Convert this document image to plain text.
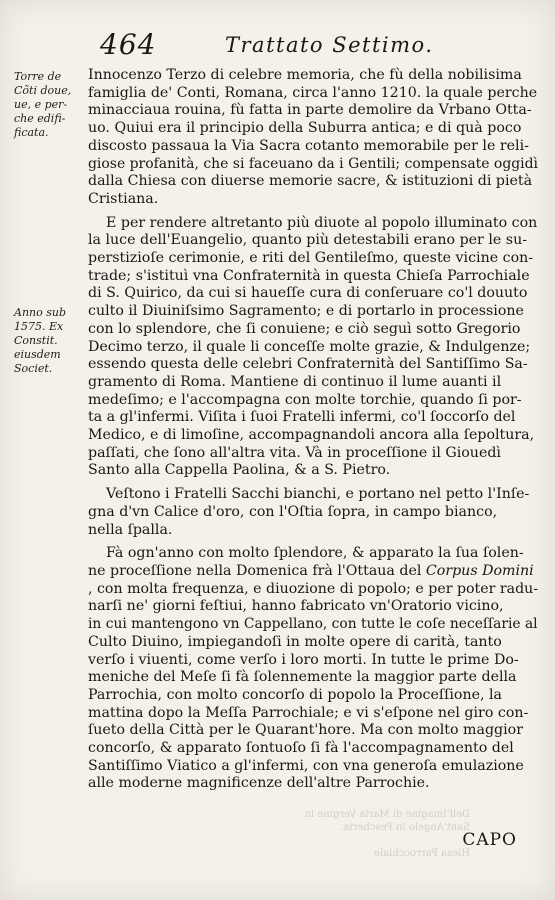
Dell'Imagine di Maria Vergine in
Sant'Angelo in Pescheria.

Hiesa Parrocchiale
464	Trattato Settimo.
Torre de
Cõti doue,
ue, e per-
che edifi-
ficata.
Anno sub
1575. Ex
Constit.
eiusdem
Societ.
Innocenzo Terzo di celebre memoria, che fù della nobilisima
famiglia de' Conti, Romana, circa l'anno 1210. la quale perche
minacciaua rouina, fù fatta in parte demolire da Vrbano Otta-
uo. Quiui era il principio della Suburra antica; e di quà poco
discosto passaua la Via Sacra cotanto memorabile per le reli-
giose profanità, che si faceuano da i Gentili; compensate oggidì
dalla Chiesa con diuerse memorie sacre, & istituzioni di pietà
Cristiana.
E per rendere altretanto più diuote al popolo illuminato con
la luce dell'Euangelio, quanto più detestabili erano per le su-
perstizioſe cerimonie, e riti del Gentileſmo, queste vicine con-
trade; s'istituì vna Confraternità in questa Chieſa Parrochiale
di S. Quirico, da cui si haueſſe cura di conſeruare co'l douuto
culto il Diuiniſsimo Sagramento; e di portarlo in processione
con lo splendore, che ſi conuiene; e ciò seguì sotto Gregorio
Decimo terzo, il quale li conceſſe molte grazie, & Indulgenze;
essendo questa delle celebri Confraternità del Santiſſimo Sa-
gramento di Roma. Mantiene di continuo il lume auanti il
medeſimo; e l'accompagna con molte torchie, quando ſi por-
ta a gl'infermi. Viſita i ſuoi Fratelli infermi, co'l ſoccorſo del
Medico, e di limoſine, accompagnandoli ancora alla ſepoltura,
paſſati, che ſono all'altra vita. Và in proceſſione il Giouedì
Santo alla Cappella Paolina, & a S. Pietro.
Veſtono i Fratelli Sacchi bianchi, e portano nel petto l'Inſe-
gna d'vn Calice d'oro, con l'Oſtia ſopra, in campo bianco,
nella ſpalla.
Fà ogn'anno con molto ſplendore, & apparato la ſua ſolen-
ne proceſſione nella Domenica frà l'Ottaua del Corpus Domini
, con molta frequenza, e diuozione di popolo; e per poter radu-
narſi ne' giorni feſtiui, hanno fabricato vn'Oratorio vicino,
in cui mantengono vn Cappellano, con tutte le coſe neceſſarie al
Culto Diuino, impiegandoſi in molte opere di carità, tanto
verſo i viuenti, come verſo i loro morti. In tutte le prime Do-
meniche del Meſe ſi fà ſolennemente la maggior parte della
Parrochia, con molto concorſo di popolo la Proceſſione, la
mattina dopo la Meſſa Parrochiale; e vi s'eſpone nel giro con-
ſueto della Città per le Quarant'hore. Ma con molto maggior
concorſo, & apparato ſontuoſo ſi fà l'accompagnamento del
Santiſſimo Viatico a gl'infermi, con vna generoſa emulazione
alle moderne magnificenze dell'altre Parrochie.
CAPO
